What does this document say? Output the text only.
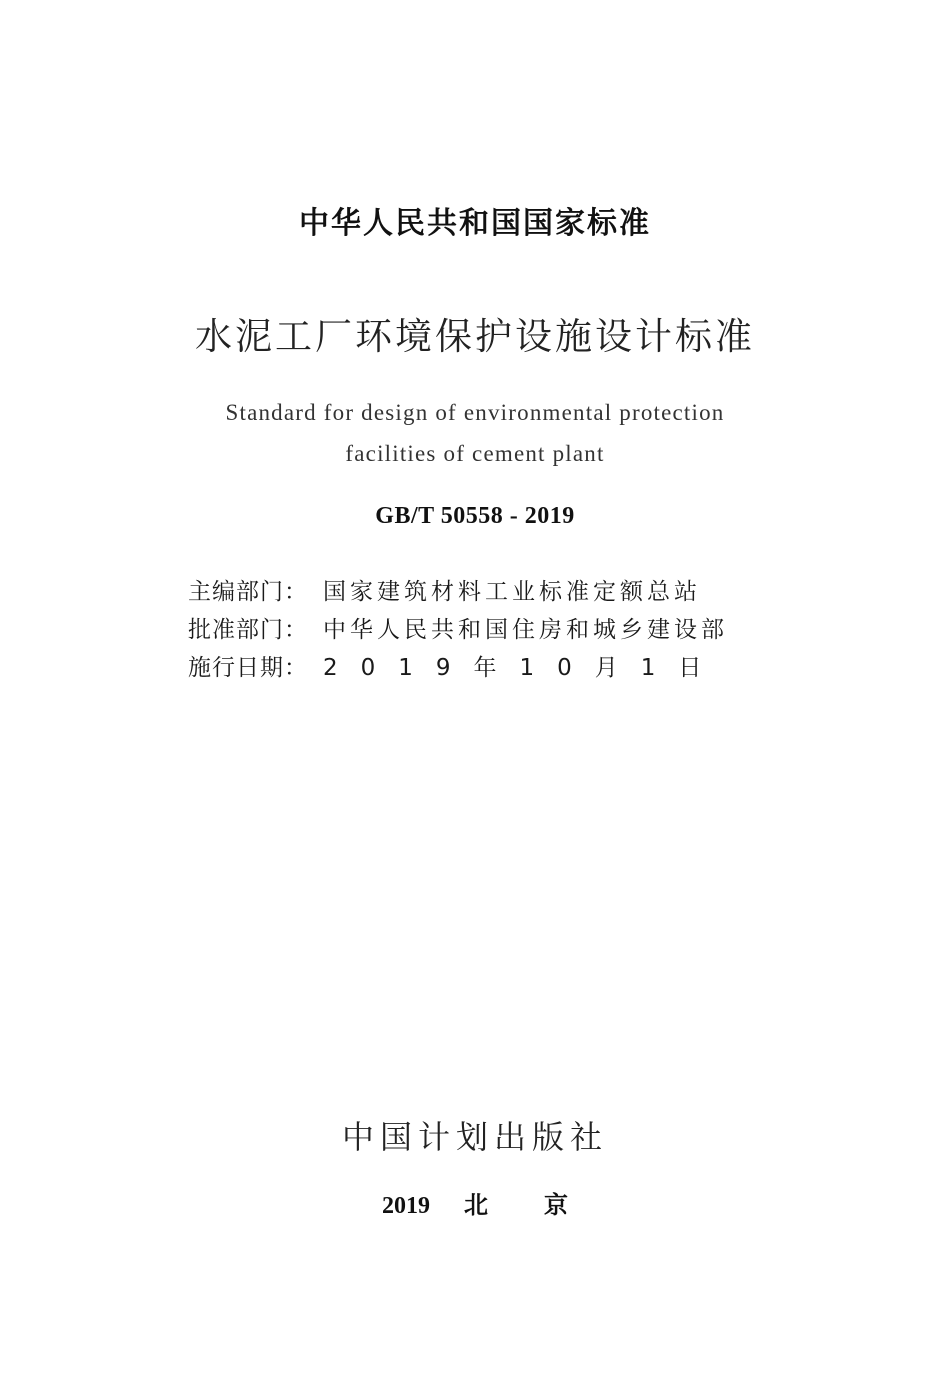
中华人民共和国国家标准
水泥工厂环境保护设施设计标准
Standard for design of environmental protection
facilities of cement plant
GB/T 50558 - 2019
主编部门： 国家建筑材料工业标准定额总站
批准部门： 中华人民共和国住房和城乡建设部
施行日期： 2019年10月1日
中国计划出版社
2019 北京
